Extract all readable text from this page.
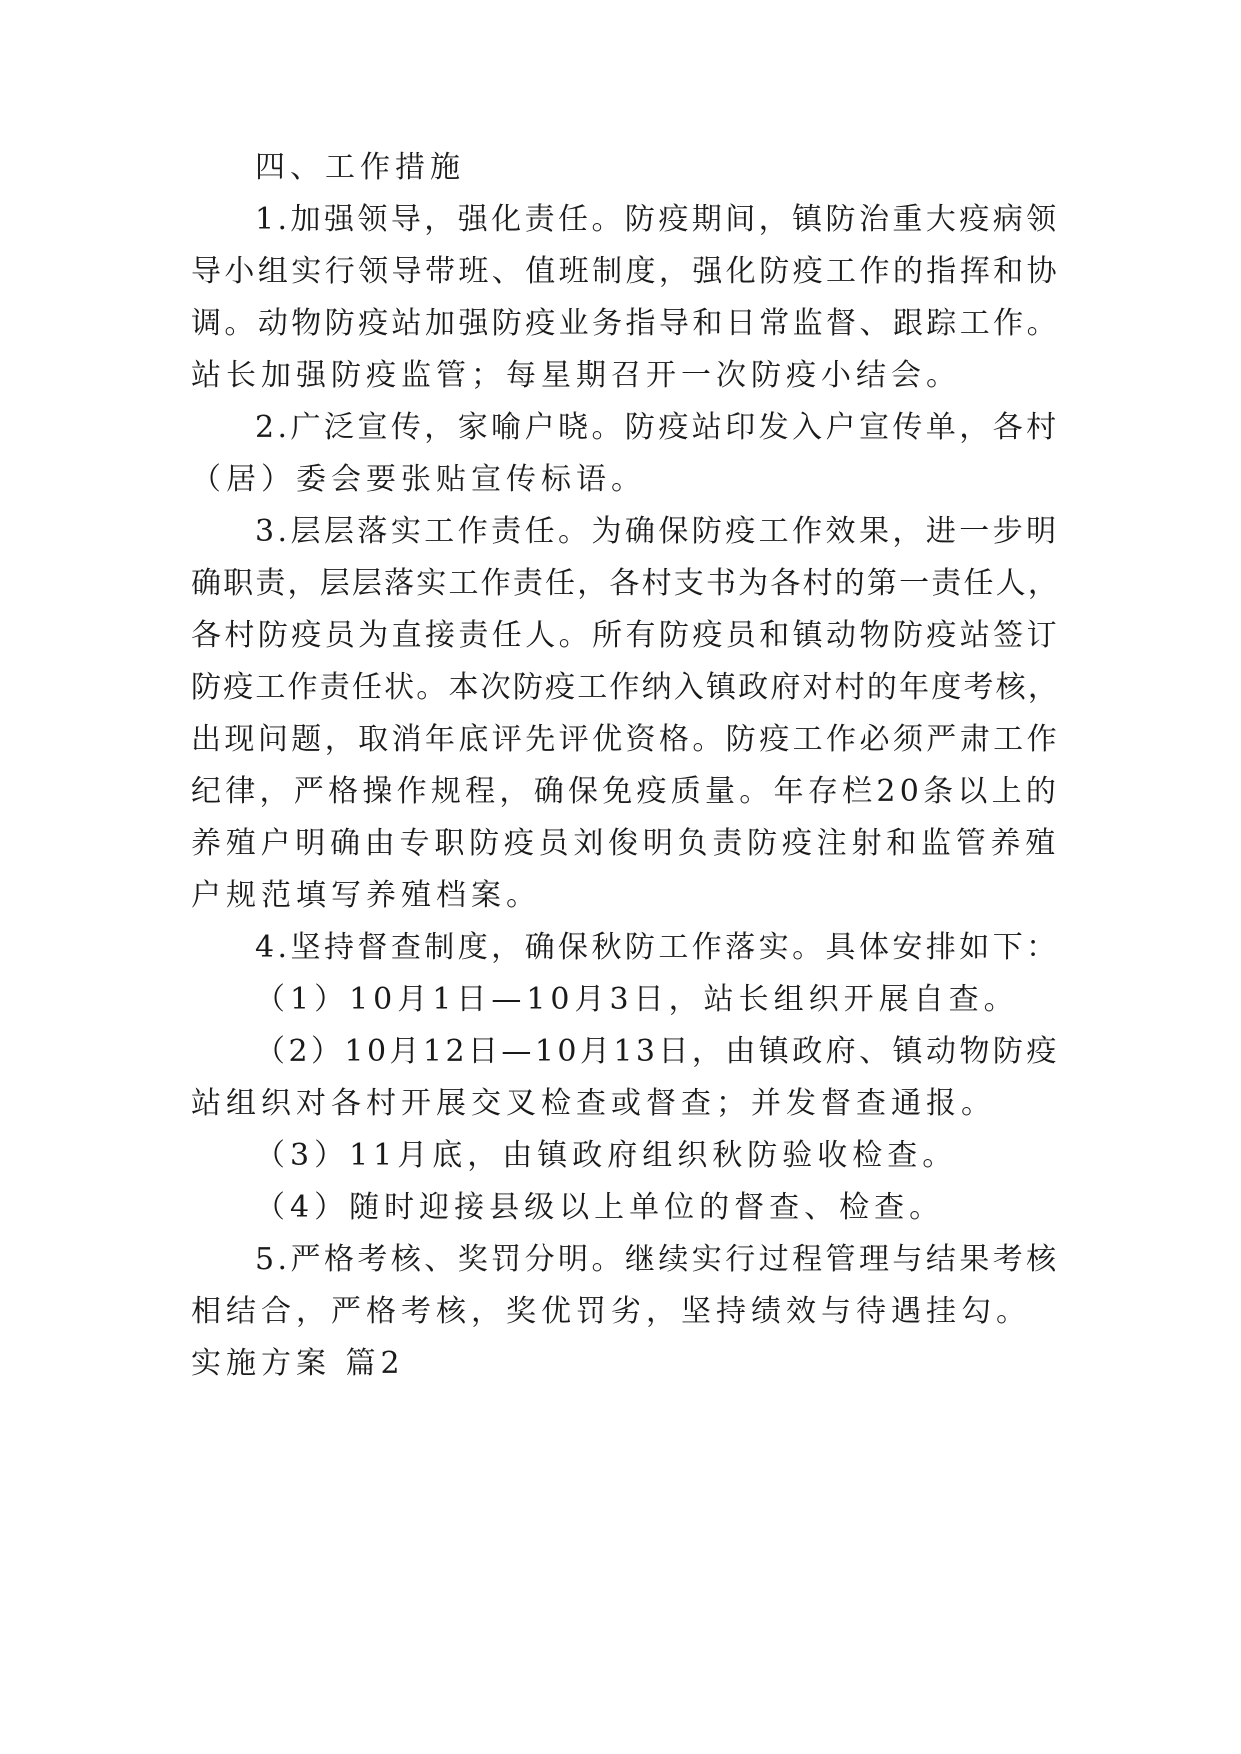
四、工作措施
1.加强领导，强化责任。防疫期间，镇防治重大疫病领
导小组实行领导带班、值班制度，强化防疫工作的指挥和协
调。动物防疫站加强防疫业务指导和日常监督、跟踪工作。
站长加强防疫监管；每星期召开一次防疫小结会。
2.广泛宣传，家喻户晓。防疫站印发入户宣传单，各村
（居）委会要张贴宣传标语。
3.层层落实工作责任。为确保防疫工作效果，进一步明
确职责，层层落实工作责任，各村支书为各村的第一责任人，
各村防疫员为直接责任人。所有防疫员和镇动物防疫站签订
防疫工作责任状。本次防疫工作纳入镇政府对村的年度考核，
出现问题，取消年底评先评优资格。防疫工作必须严肃工作
纪律，严格操作规程，确保免疫质量。年存栏20条以上的
养殖户明确由专职防疫员刘俊明负责防疫注射和监管养殖
户规范填写养殖档案。
4.坚持督查制度，确保秋防工作落实。具体安排如下：
（1）10月1日—10月3日，站长组织开展自查。
（2）10月12日—10月13日，由镇政府、镇动物防疫
站组织对各村开展交叉检查或督查；并发督查通报。
（3）11月底，由镇政府组织秋防验收检查。
（4）随时迎接县级以上单位的督查、检查。
5.严格考核、奖罚分明。继续实行过程管理与结果考核
相结合，严格考核，奖优罚劣，坚持绩效与待遇挂勾。
实施方案 篇2
